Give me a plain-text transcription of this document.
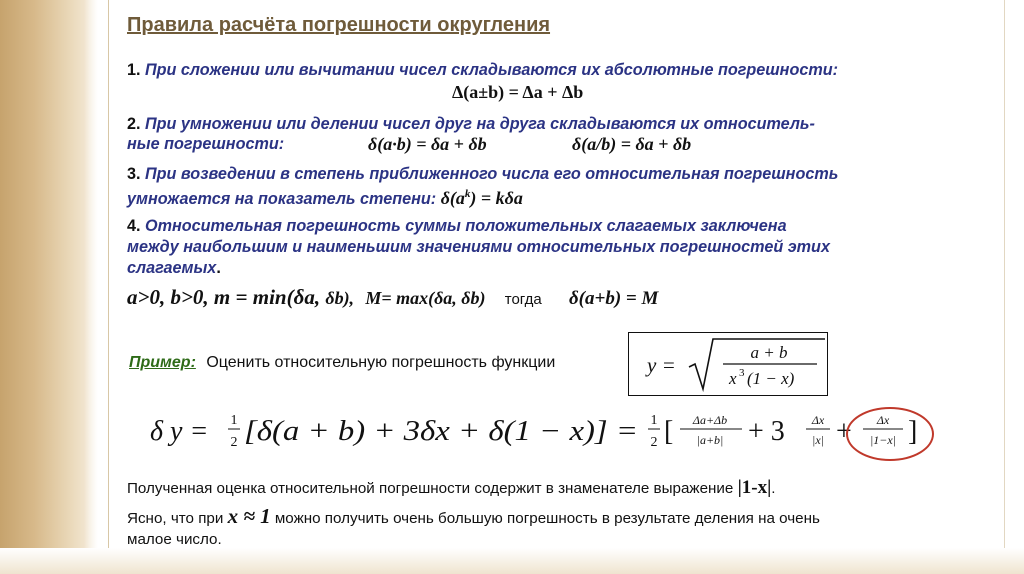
Правила расчёта погрешности округления
1. При сложении или вычитании чисел складываются их абсолютные погрешности:
Δ(a±b) = Δa + Δb
2. При умножении или делении чисел друг на друга складываются их относитель-
ные погрешности:	δ(a·b) = δa + δb	δ(a/b) = δa + δb
3. При возведении в степень приближенного числа его относительная погрешность
умножается на показатель степени: $\delta(a^k) = k\delta a$
4. Относительная погрешность суммы положительных слагаемых заключена
между наибольшим и наименьшим значениями относительных погрешностей этих
слагаемых.
a>0, b>0, m = min(δa, δb), M= max(δa, δb) тогда δ(a+b) = M
Пример: Оценить относительную погрешность функции	y =
a + b
x 3 (1 − x)
δ y = 1
2 [δ(a + b) + 3δx + δ(1 − x)] = 1
2 [ Δa+Δb
|a+b| + 3 Δx
|x| + Δx
|1−x| ]
Полученная оценка относительной погрешности содержит в знаменателе выражение |1-x|.
Ясно, что при x ≈ 1 можно получить очень большую погрешность в результате деления на очень
малое число.
